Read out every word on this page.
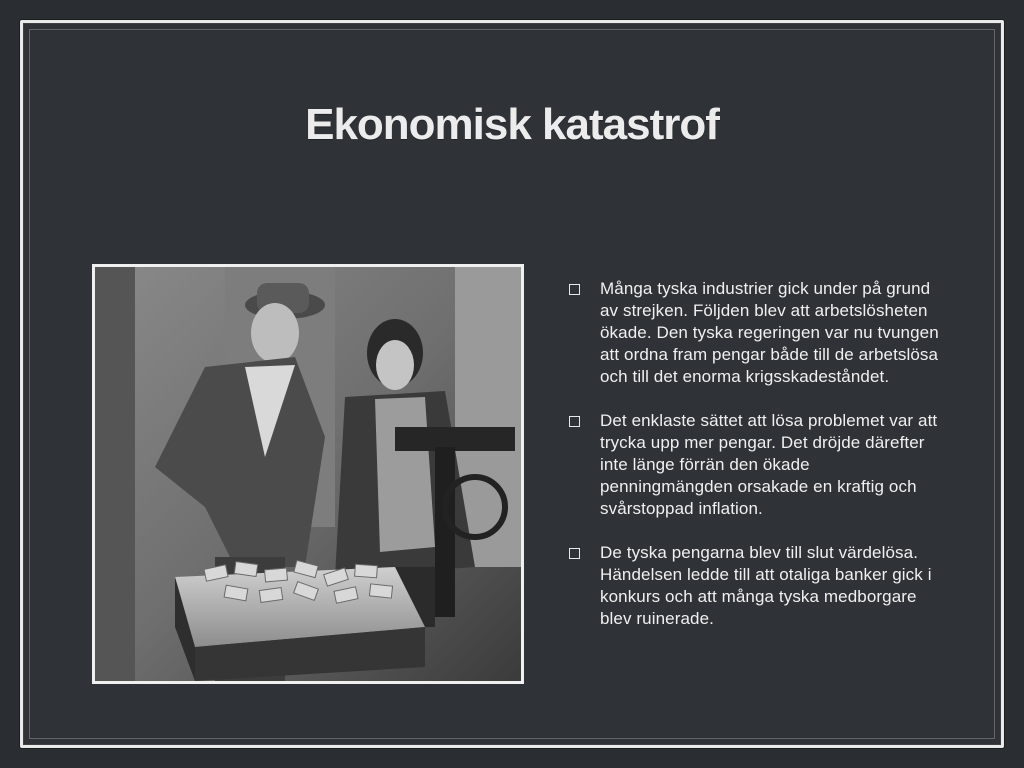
Ekonomisk katastrof
Många tyska industrier gick under på grund av strejken. Följden blev att arbetslösheten ökade. Den tyska regeringen var nu tvungen att ordna fram pengar både till de arbetslösa och till det enorma krigsskadeståndet.
Det enklaste sättet att lösa problemet var att trycka upp mer pengar. Det dröjde därefter inte länge förrän den ökade penningmängden orsakade en kraftig och svårstoppad inflation.
De tyska pengarna blev till slut värdelösa. Händelsen ledde till att otaliga banker gick i konkurs och att många tyska medborgare blev ruinerade.
